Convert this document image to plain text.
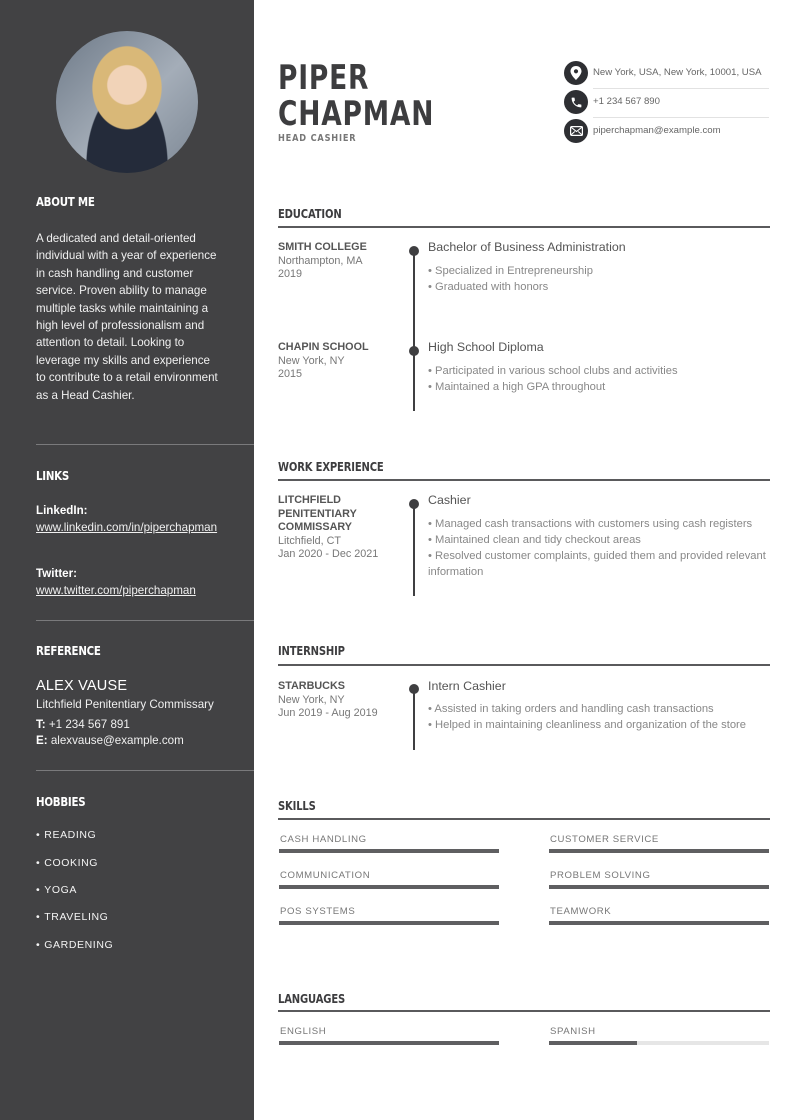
ABOUT ME

A dedicated and detail-oriented individual with a year of experience in cash handling and customer service. Proven ability to manage multiple tasks while maintaining a high level of professionalism and attention to detail. Looking to leverage my skills and experience to contribute to a retail environment as a Head Cashier.

LINKS
LinkedIn:
www.linkedin.com/in/piperchapman
Twitter:
www.twitter.com/piperchapman
REFERENCE
ALEX VAUSE
Litchfield Penitentiary Commissary
T: +1 234 567 891
E: alexvause@example.com
HOBBIES
• READING
• COOKING
• YOGA
• TRAVELING
• GARDENING
PIPER
CHAPMAN
HEAD CASHIER
New York, USA, New York, 10001, USA
+1 234 567 890
piperchapman@example.com
EDUCATION
SMITH COLLEGE
Northampton, MA
2019
Bachelor of Business Administration
• Specialized in Entrepreneurship
• Graduated with honors
CHAPIN SCHOOL
New York, NY
2015
High School Diploma
• Participated in various school clubs and activities
• Maintained a high GPA throughout
WORK EXPERIENCE
LITCHFIELD PENITENTIARY COMMISSARY
Litchfield, CT
Jan 2020 - Dec 2021
Cashier
• Managed cash transactions with customers using cash registers
• Maintained clean and tidy checkout areas
• Resolved customer complaints, guided them and provided relevant information
INTERNSHIP
STARBUCKS
New York, NY
Jun 2019 - Aug 2019
Intern Cashier
• Assisted in taking orders and handling cash transactions
• Helped in maintaining cleanliness and organization of the store
SKILLS
CASH HANDLING	CUSTOMER SERVICE
COMMUNICATION	PROBLEM SOLVING
POS SYSTEMS	TEAMWORK
LANGUAGES
ENGLISH	SPANISH
